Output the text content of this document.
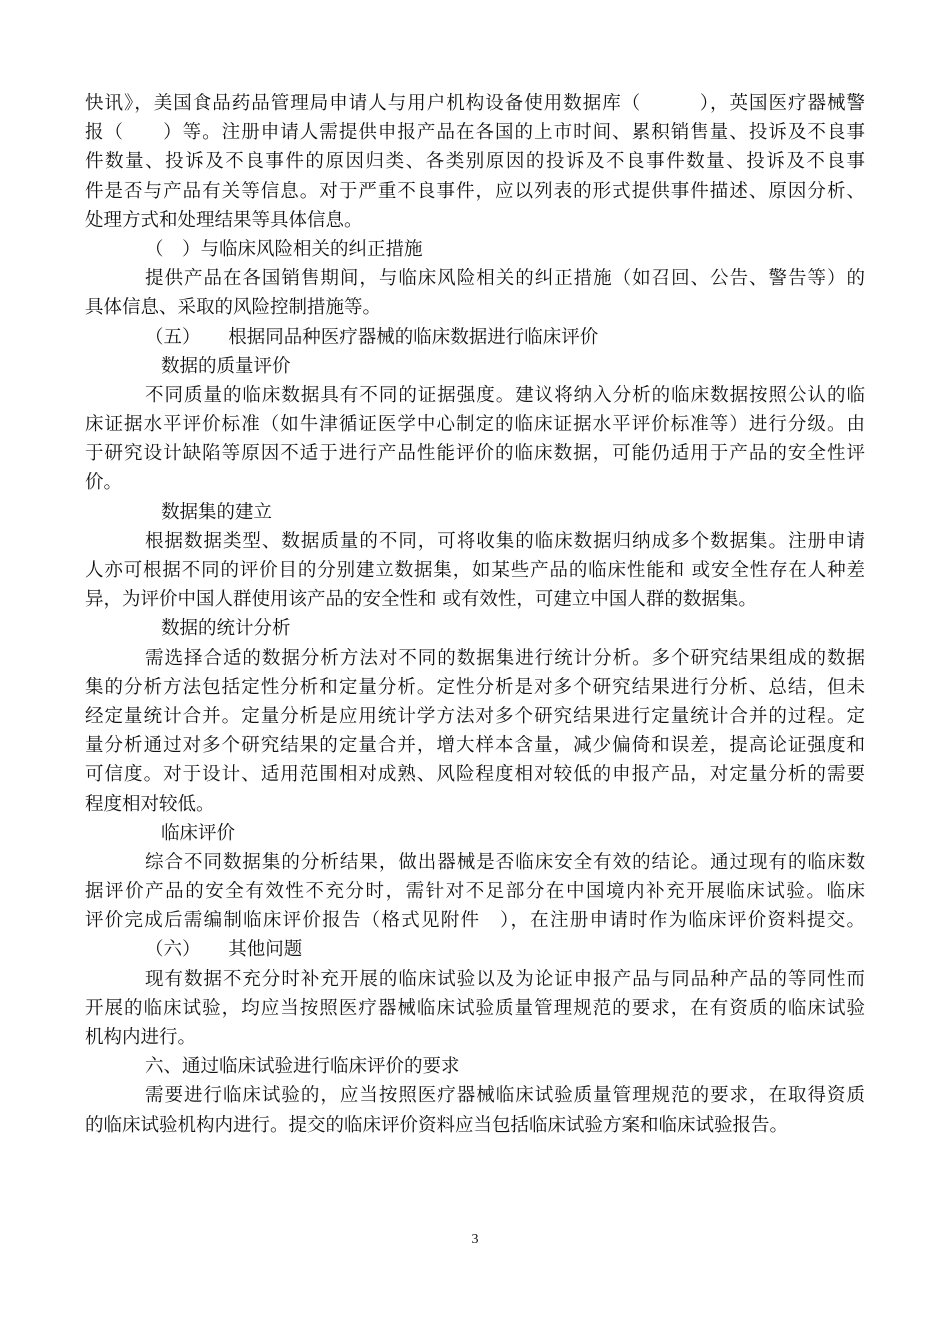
快讯》，美国食品药品管理局申请人与用户机构设备使用数据库（　　　），英国医疗器械警
报（　　）等。注册申请人需提供申报产品在各国的上市时间、累积销售量、投诉及不良事
件数量、投诉及不良事件的原因归类、各类别原因的投诉及不良事件数量、投诉及不良事
件是否与产品有关等信息。对于严重不良事件，应以列表的形式提供事件描述、原因分析、
处理方式和处理结果等具体信息。
（　）与临床风险相关的纠正措施
提供产品在各国销售期间，与临床风险相关的纠正措施（如召回、公告、警告等）的
具体信息、采取的风险控制措施等。
（五）　　根据同品种医疗器械的临床数据进行临床评价
数据的质量评价
不同质量的临床数据具有不同的证据强度。建议将纳入分析的临床数据按照公认的临
床证据水平评价标准（如牛津循证医学中心制定的临床证据水平评价标准等）进行分级。由
于研究设计缺陷等原因不适于进行产品性能评价的临床数据，可能仍适用于产品的安全性评
价。
数据集的建立
根据数据类型、数据质量的不同，可将收集的临床数据归纳成多个数据集。注册申请
人亦可根据不同的评价目的分别建立数据集，如某些产品的临床性能和 或安全性存在人种差
异，为评价中国人群使用该产品的安全性和 或有效性，可建立中国人群的数据集。
数据的统计分析
需选择合适的数据分析方法对不同的数据集进行统计分析。多个研究结果组成的数据
集的分析方法包括定性分析和定量分析。定性分析是对多个研究结果进行分析、总结，但未
经定量统计合并。定量分析是应用统计学方法对多个研究结果进行定量统计合并的过程。定
量分析通过对多个研究结果的定量合并，增大样本含量，减少偏倚和误差，提高论证强度和
可信度。对于设计、适用范围相对成熟、风险程度相对较低的申报产品，对定量分析的需要
程度相对较低。
临床评价
综合不同数据集的分析结果，做出器械是否临床安全有效的结论。通过现有的临床数
据评价产品的安全有效性不充分时，需针对不足部分在中国境内补充开展临床试验。临床
评价完成后需编制临床评价报告（格式见附件　），在注册申请时作为临床评价资料提交。
（六）　　其他问题
现有数据不充分时补充开展的临床试验以及为论证申报产品与同品种产品的等同性而
开展的临床试验，均应当按照医疗器械临床试验质量管理规范的要求，在有资质的临床试验
机构内进行。
六、通过临床试验进行临床评价的要求
需要进行临床试验的，应当按照医疗器械临床试验质量管理规范的要求，在取得资质
的临床试验机构内进行。提交的临床评价资料应当包括临床试验方案和临床试验报告。
3
